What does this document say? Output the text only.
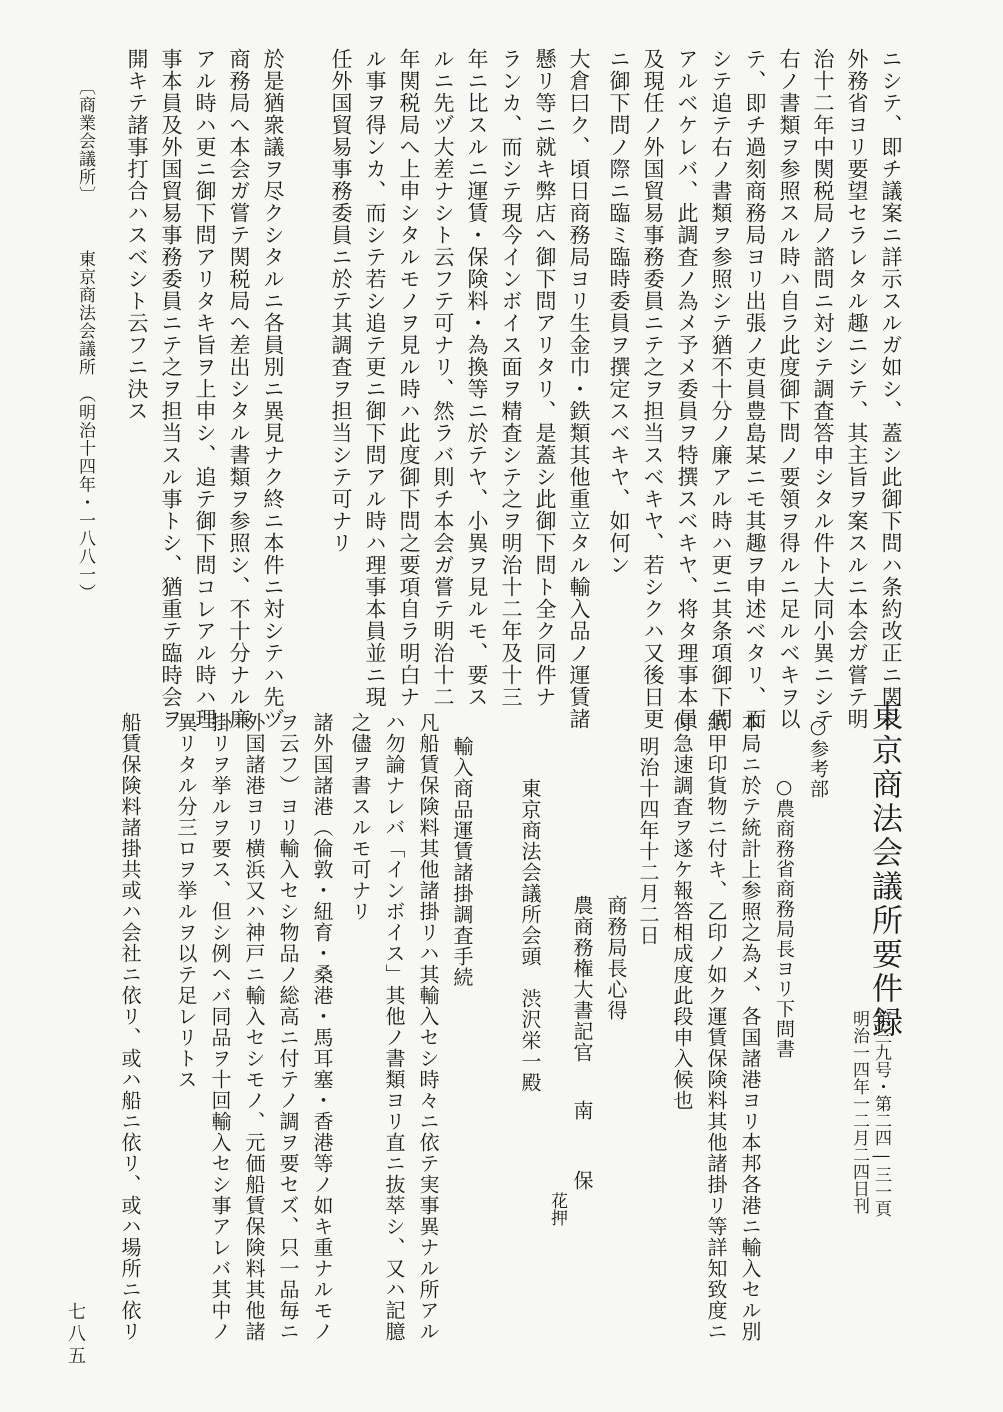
ニシテ、即チ議案ニ詳示スルガ如シ、蓋シ此御下問ハ条約改正ニ関シ
外務省ヨリ要望セラレタル趣ニシテ、其主旨ヲ案スルニ本会ガ嘗テ明
治十二年中関税局ノ諮問ニ対シテ調査答申シタル件ト大同小異ニシテ
右ノ書類ヲ参照スル時ハ自ラ此度御下問ノ要領ヲ得ルニ足ルベキヲ以
テ、即チ過刻商務局ヨリ出張ノ吏員豊島某ニモ其趣ヲ申述ベタリ、而
シテ追テ右ノ書類ヲ参照シテ猶不十分ノ廉アル時ハ更ニ其条項御下問
アルベケレバ、此調査ノ為メ予メ委員ヲ特撰スベキヤ、将タ理事本員
及現任ノ外国貿易事務委員ニテ之ヲ担当スベキヤ、若シクハ又後日更
ニ御下問ノ際ニ臨ミ臨時委員ヲ撰定スベキヤ、如何ン
大倉曰ク、頃日商務局ヨリ生金巾・鉄類其他重立タル輸入品ノ運賃諸
懸リ等ニ就キ弊店へ御下問アリタリ、是蓋シ此御下問ト全ク同件ナ
ランカ、而シテ現今インボイス面ヲ精査シテ之ヲ明治十二年及十三
年ニ比スルニ運賃・保険料・為換等ニ於テヤ、小異ヲ見ルモ、要ス
ルニ先ヅ大差ナシト云フテ可ナリ、然ラバ則チ本会ガ嘗テ明治十二
年関税局へ上申シタルモノヲ見ル時ハ此度御下問之要項自ラ明白ナ
ル事ヲ得ンカ、而シテ若シ追テ更ニ御下問アル時ハ理事本員並ニ現
任外国貿易事務委員ニ於テ其調査ヲ担当シテ可ナリ
於是猶衆議ヲ尽クシタルニ各員別ニ異見ナク終ニ本件ニ対シテハ先ヅ
商務局へ本会ガ嘗テ関税局へ差出シタル書類ヲ参照シ、不十分ナル廉
アル時ハ更ニ御下問アリタキ旨ヲ上申シ、追テ御下問コレアル時ハ理
事本員及外国貿易事務委員ニテ之ヲ担当スル事トシ、猶重テ臨時会ヲ
開キテ諸事打合ハスベシト云フニ決ス
〔商業会議所〕
東京商法会議所　（明治十四年・一八八一）
東京商法会議所要件録
第三九号・第二四―三一頁
明治一四年一二月二四日刊
○参考部
○農商務省商務局長ヨリ下問書
本局ニ於テ統計上参照之為メ、各国諸港ヨリ本邦各港ニ輸入セル別
紙甲印貨物ニ付キ、乙印ノ如ク運賃保険料其他諸掛リ等詳知致度ニ
付急速調査ヲ遂ケ報答相成度此段申入候也
明治十四年十二月二日
商務局長心得
農商務権大書記官
南
保
花押
東京商法会議所会頭　渋沢栄一殿
輸入商品運賃諸掛調査手続
凡船賃保険料其他諸掛リハ其輸入セシ時々ニ依テ実事異ナル所アル
ハ勿論ナレバ「インボイス」其他ノ書類ヨリ直ニ抜萃シ、又ハ記臆
之儘ヲ書スルモ可ナリ
諸外国諸港（倫敦・紐育・桑港・馬耳塞・香港等ノ如キ重ナルモノ
ヲ云フ）ヨリ輸入セシ物品ノ総高ニ付テノ調ヲ要セズ、只一品毎ニ
外国諸港ヨリ横浜又ハ神戸ニ輸入セシモノ、元価船賃保険料其他諸
掛リヲ挙ルヲ要ス、但シ例ヘバ同品ヲ十回輸入セシ事アレバ其中ノ
異リタル分三ロヲ挙ルヲ以テ足レリトス
船賃保険料諸掛共或ハ会社ニ依リ、或ハ船ニ依リ、或ハ場所ニ依リ
七八五
